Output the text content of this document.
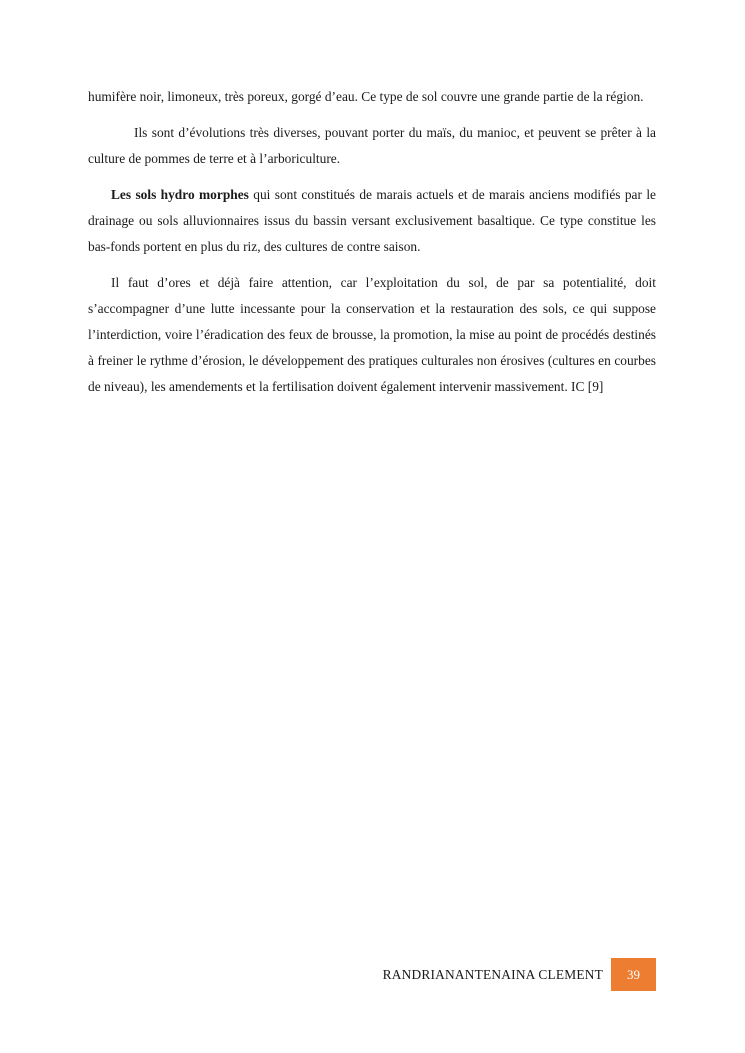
humifère noir, limoneux, très poreux, gorgé d’eau. Ce type de sol couvre une grande partie de la région.

Ils sont d’évolutions très diverses, pouvant porter du maïs, du manioc, et peuvent se prêter à la culture de pommes de terre et à l’arboriculture.

Les sols hydro morphes qui sont constitués de marais actuels et de marais anciens modifiés par le drainage ou sols alluvionnaires issus du bassin versant exclusivement basaltique. Ce type constitue les bas-fonds portent en plus du riz, des cultures de contre saison.

Il faut d’ores et déjà faire attention, car l’exploitation du sol, de par sa potentialité, doit s’accompagner d’une lutte incessante pour la conservation et la restauration des sols, ce qui suppose l’interdiction, voire l’éradication des feux de brousse, la promotion, la mise au point de procédés destinés à freiner le rythme d’érosion, le développement des pratiques culturales non érosives (cultures en courbes de niveau), les amendements et la fertilisation doivent également intervenir massivement. IC [9]

RANDRIANANTENAINA CLEMENT	39
